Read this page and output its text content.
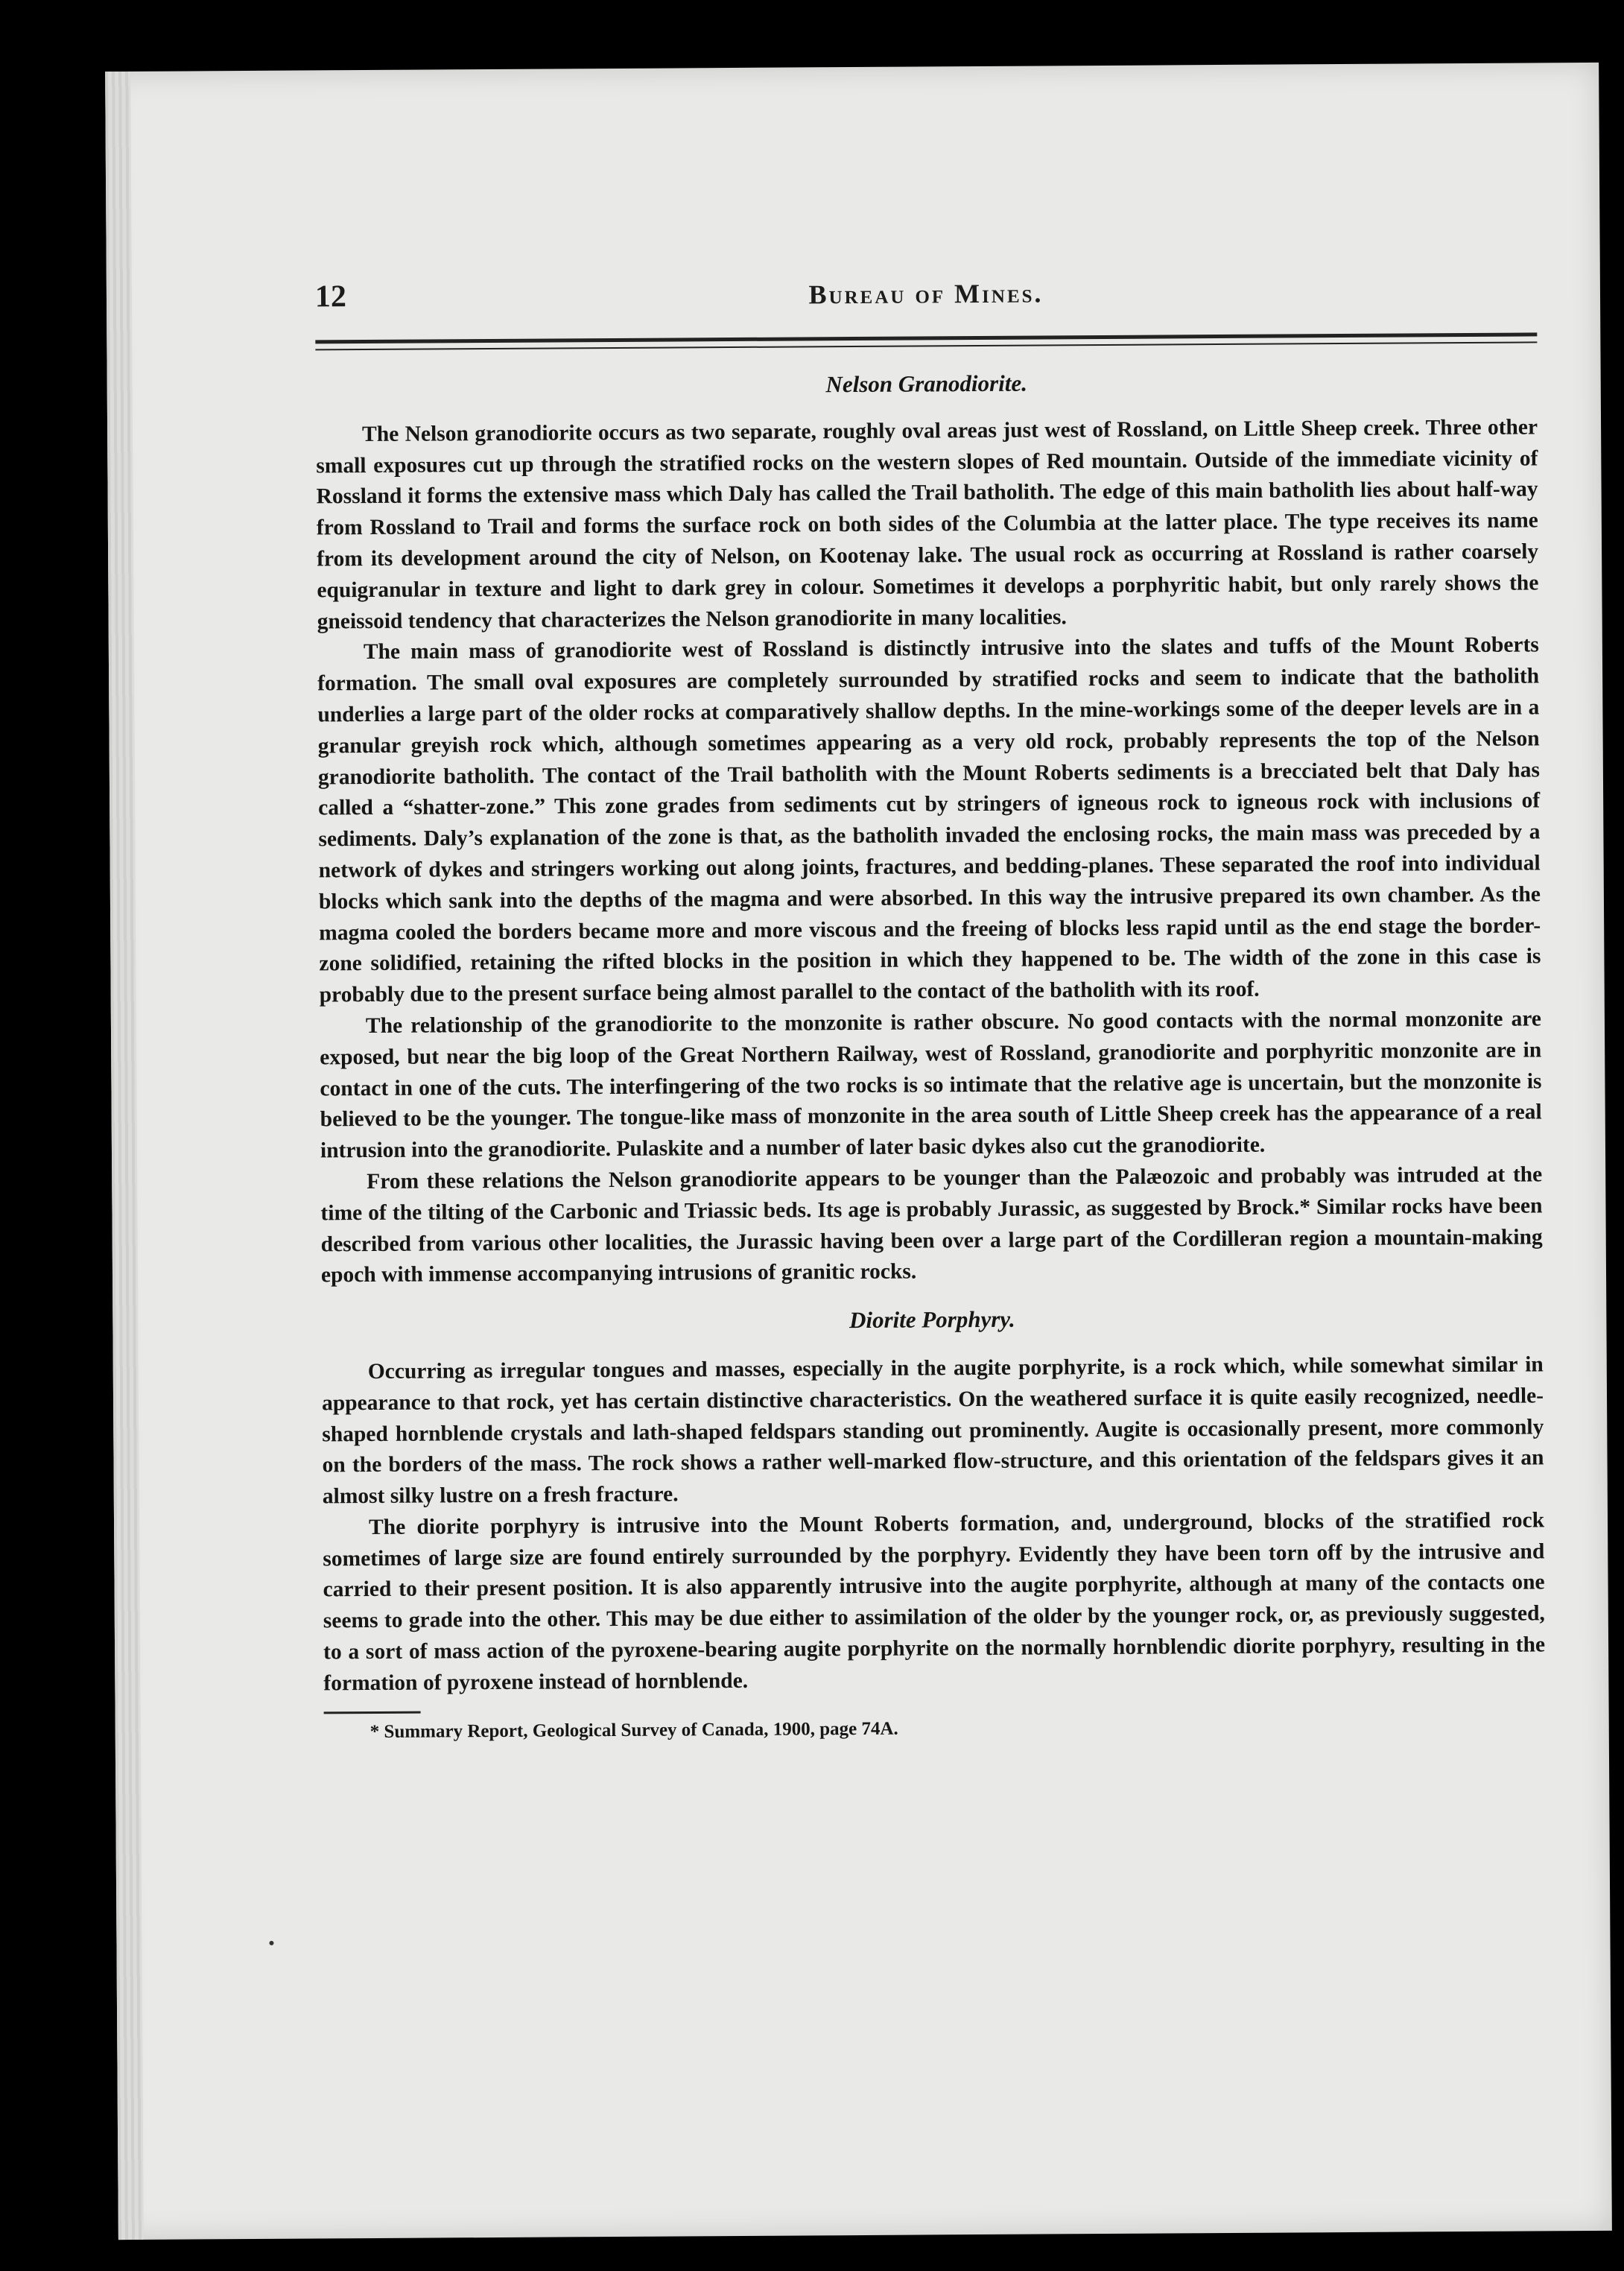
12	Bureau of Mines.
Nelson Granodiorite.

The Nelson granodiorite occurs as two separate, roughly oval areas just west of Rossland, on Little Sheep creek. Three other small exposures cut up through the stratified rocks on the western slopes of Red mountain. Outside of the immediate vicinity of Rossland it forms the extensive mass which Daly has called the Trail batholith. The edge of this main batholith lies about half-way from Rossland to Trail and forms the surface rock on both sides of the Columbia at the latter place. The type receives its name from its development around the city of Nelson, on Kootenay lake. The usual rock as occurring at Rossland is rather coarsely equigranular in texture and light to dark grey in colour. Sometimes it develops a porphyritic habit, but only rarely shows the gneissoid tendency that characterizes the Nelson granodiorite in many localities.

The main mass of granodiorite west of Rossland is distinctly intrusive into the slates and tuffs of the Mount Roberts formation. The small oval exposures are completely surrounded by stratified rocks and seem to indicate that the batholith underlies a large part of the older rocks at comparatively shallow depths. In the mine-workings some of the deeper levels are in a granular greyish rock which, although sometimes appearing as a very old rock, probably represents the top of the Nelson granodiorite batholith. The contact of the Trail batholith with the Mount Roberts sediments is a brecciated belt that Daly has called a “shatter-zone.” This zone grades from sediments cut by stringers of igneous rock to igneous rock with inclusions of sediments. Daly’s explanation of the zone is that, as the batholith invaded the enclosing rocks, the main mass was preceded by a network of dykes and stringers working out along joints, fractures, and bedding-planes. These separated the roof into individual blocks which sank into the depths of the magma and were absorbed. In this way the intrusive prepared its own chamber. As the magma cooled the borders became more and more viscous and the freeing of blocks less rapid until as the end stage the border-zone solidified, retaining the rifted blocks in the position in which they happened to be. The width of the zone in this case is probably due to the present surface being almost parallel to the contact of the batholith with its roof.

The relationship of the granodiorite to the monzonite is rather obscure. No good contacts with the normal monzonite are exposed, but near the big loop of the Great Northern Railway, west of Rossland, granodiorite and porphyritic monzonite are in contact in one of the cuts. The interfingering of the two rocks is so intimate that the relative age is uncertain, but the monzonite is believed to be the younger. The tongue-like mass of monzonite in the area south of Little Sheep creek has the appearance of a real intrusion into the granodiorite. Pulaskite and a number of later basic dykes also cut the granodiorite.

From these relations the Nelson granodiorite appears to be younger than the Palæozoic and probably was intruded at the time of the tilting of the Carbonic and Triassic beds. Its age is probably Jurassic, as suggested by Brock.* Similar rocks have been described from various other localities, the Jurassic having been over a large part of the Cordilleran region a mountain-making epoch with immense accompanying intrusions of granitic rocks.

Diorite Porphyry.

Occurring as irregular tongues and masses, especially in the augite porphyrite, is a rock which, while somewhat similar in appearance to that rock, yet has certain distinctive characteristics. On the weathered surface it is quite easily recognized, needle-shaped hornblende crystals and lath-shaped feldspars standing out prominently. Augite is occasionally present, more commonly on the borders of the mass. The rock shows a rather well-marked flow-structure, and this orientation of the feldspars gives it an almost silky lustre on a fresh fracture.

The diorite porphyry is intrusive into the Mount Roberts formation, and, underground, blocks of the stratified rock sometimes of large size are found entirely surrounded by the porphyry. Evidently they have been torn off by the intrusive and carried to their present position. It is also apparently intrusive into the augite porphyrite, although at many of the contacts one seems to grade into the other. This may be due either to assimilation of the older by the younger rock, or, as previously suggested, to a sort of mass action of the pyroxene-bearing augite porphyrite on the normally hornblendic diorite porphyry, resulting in the formation of pyroxene instead of hornblende.

* Summary Report, Geological Survey of Canada, 1900, page 74A.
